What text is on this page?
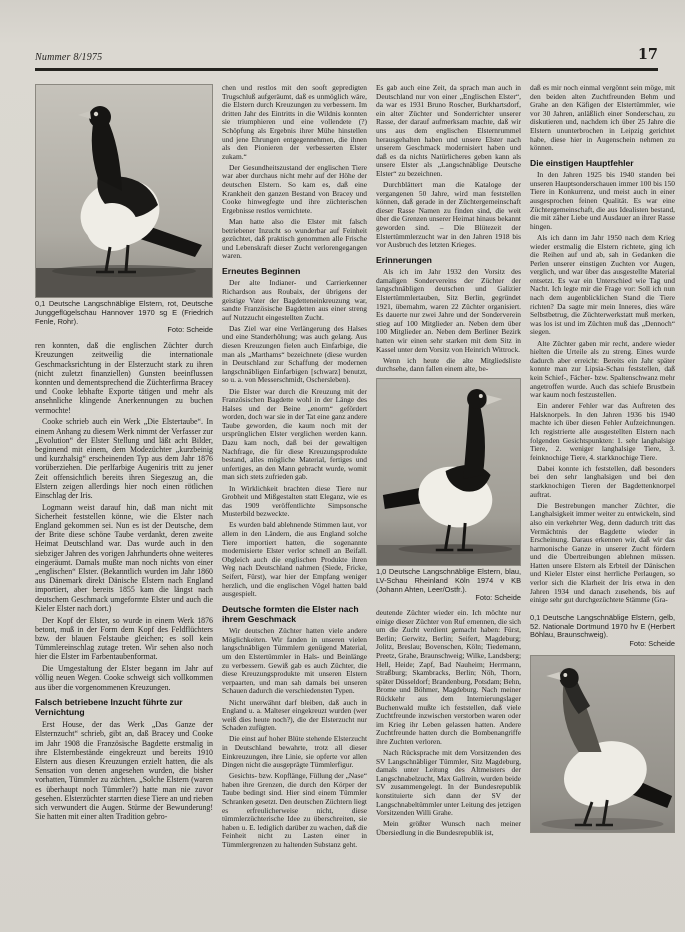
Nummer 8/1975	17
0,1 Deutsche Langschnäblige Elstern, rot, Deutsche Junggeflügelschau Hannover 1970 sg E (Friedrich Fenle, Rohr).
Foto: Scheide

ren konnten, daß die englischen Züchter durch Kreuzungen zeitweilig die internationale Geschmacksrichtung in der Elsterzucht stark zu ihren (nicht zuletzt finanziellen) Gunsten beeinflussen konnten und dementsprechend die Züchterfirma Bracey und Cooke lebhafte Exporte tätigen und mehr als ansehnliche klingende Anerkennungen zu buchen vermochte!

Cooke schrieb auch ein Werk „Die Elstertaube“. In einem Anhang zu diesem Werk nimmt der Verfasser zur „Evolution“ der Elster Stellung und läßt acht Bilder, beginnend mit einem, dem Modezüchter „kurzbeinig und kurzhalsig“ erscheinenden Typ aus dem Jahr 1876 vorüberziehen. Die perlfarbige Augeniris tritt zu jener Zeit offensichtlich bereits ihren Siegeszug an, die Elstern zeigen allerdings hier noch einen rötlichen Einschlag der Iris.

Logmann weist darauf hin, daß man nicht mit Sicherheit feststellen könne, wie die Elster nach England gekommen sei. Nun es ist der Deutsche, dem der Brite diese schöne Taube verdankt, deren zweite Heimat Deutschland war. Das wurde auch in den siebziger Jahren des vorigen Jahrhunderts ohne weiteres eingeräumt. Damals mußte man noch nichts von einer „englischen“ Elster. (Bekanntlich wurden im Jahr 1860 aus Dänemark direkt Dänische Elstern nach England importiert, aber bereits 1855 kam die längst nach deutschem Geschmack umgeformte Elster und auch die Kieler Elster nach dort.)

Der Kopf der Elster, so wurde in einem Werk 1876 betont, muß in der Form dem Kopf des Feldflüchters bzw. der blauen Felstaube gleichen; es soll kein Tümmlereinschlag zutage treten. Wir sehen also noch hier die Elster im Farbentaubenformat.

Die Umgestaltung der Elster begann im Jahr auf völlig neuen Wegen. Cooke schweigt sich vollkommen aus über die vorgenommenen Kreuzungen.

Falsch betriebene Inzucht führte zur Vernichtung

Erst House, der das Werk „Das Ganze der Elsternzucht“ schrieb, gibt an, daß Bracey und Cooke im Jahr 1908 die Französische Bagdette erstmalig in ihre Elsternbestände eingekreuzt und bereits 1910 Elstern aus diesen Kreuzungen erzielt hatten, die als Sensation von denen angesehen wurden, die bisher vorhatten, Tümmler zu züchten. „Solche Elstern (waren es überhaupt noch Tümmler?) hatte man nie zuvor gesehen. Elsterzüchter starrten diese Tiere an und rieben sich verwundert die Augen. Stürme der Bewunderung! Sie hatten mit einer alten Tradition gebro-

chen und restlos mit den sooft gepredigten Trugschluß aufgeräumt, daß es unmöglich wäre, die Elstern durch Kreuzungen zu verbessern. Im dritten Jahr des Eintritts in die Wildnis konnten sie triumphieren und eine vollendete (?) Schöpfung als Ergebnis ihrer Mühe hinstellen und jene Ehrungen entgegennehmen, die ihnen als den Pionieren der verbesserten Elster zukam.“

Der Gesundheitszustand der englischen Tiere war aber durchaus nicht mehr auf der Höhe der deutschen Elstern. So kam es, daß eine Krankheit den ganzen Bestand von Bracey und Cooke hinwegfegte und ihre züchterischen Ergebnisse restlos vernichtete.

Man hatte also die Elster mit falsch betriebener Inzucht so wunderbar auf Feinheit gezüchtet, daß praktisch genommen alle Frische und Lebenskraft dieser Zucht verlorengegangen waren.

Erneutes Beginnen

Der alte Indianer- und Carrierkenner Richardson aus Roubaix, der übrigens der geistige Vater der Bagdetteneinkreuzung war, sandte Französische Bagdetten aus einer streng auf Nutzzucht eingestellten Zucht.

Das Ziel war eine Verlängerung des Halses und eine Standerhöhung; was auch gelang. Aus diesen Kreuzungen fielen auch Einfarbige, die man als „Marthams“ bezeichnete (diese wurden in Deutschland zur Schaffung der modernen langschnäbligen Einfarbigen [schwarz] benutzt, so u. a. von Messerschmidt, Oschersleben).

Die Elster war durch die Kreuzung mit der Französischen Bagdette wohl in der Länge des Halses und der Beine „enorm“ gefördert worden, doch war sie in der Tat eine ganz andere Taube geworden, die kaum noch mit der ursprünglichen Elster verglichen werden kann. Dazu kam noch, daß bei der gewaltigen Nachfrage, die für diese Kreuzungsprodukte bestand, alles mögliche Material, fertiges und unfertiges, an den Mann gebracht wurde, womit man sich stets zufrieden gab.

In Wirklichkeit brachten diese Tiere nur Grobheit und Mißgestalten statt Eleganz, wie es das 1909 veröffentlichte Simpsonsche Musterbild bezweckte.

Es wurden bald ablehnende Stimmen laut, vor allem in den Ländern, die aus England solche Tiere importiert hatten, die sogenannte modernisierte Elster verlor schnell an Beifall. Obgleich auch die englischen Produkte ihren Weg nach Deutschland nahmen (Siede, Fricke, Seifert, Fürst), war hier der Empfang weniger herzlich, und die englischen Vögel hatten bald ausgespielt.

Deutsche formten die Elster nach ihrem Geschmack

Wir deutschen Züchter hatten viele andere Möglichkeiten. Wir fanden in unseren vielen langschnäbligen Tümmlern genügend Material, um den Elstertümmler in Hals- und Beinlänge zu verbessern. Gewiß gab es auch Züchter, die diese Kreuzungsprodukte mit unseren Elstern verpaarten, und man sah damals bei unseren Schauen dadurch die verschiedensten Typen.

Nicht unerwähnt darf bleiben, daß auch in England u. a. Malteser eingekreuzt wurden (wer weiß dies heute noch?), die der Elsterzucht nur Schaden zufügten.

Die einst auf hoher Blüte stehende Elsterzucht in Deutschland bewahrte, trotz all dieser Einkreuzungen, ihre Linie, sie opferte vor allen Dingen nicht die ausgeprägte Tümmlerfigur.

Gesichts- bzw. Kopflänge, Füllung der „Nase“ haben ihre Grenzen, die durch den Körper der Taube bedingt sind. Hier sind einem Tümmler Schranken gesetzt. Den deutschen Züchtern liegt es erfreulicherweise nicht, diese tümmlerzüchterische Idee zu überschreiten, sie haben u. E. lediglich darüber zu wachen, daß die Feinheit nicht zu Lasten einer in Tümmlergrenzen zu haltenden Substanz geht.

Es gab auch eine Zeit, da sprach man auch in Deutschland nur von einer „Englischen Elster“, da war es 1931 Bruno Roscher, Burkhartsdorf, ein alter Züchter und Sonderrichter unserer Rasse, der darauf aufmerksam machte, daß wir uns aus dem englischen Elsternrummel herausgehalten haben und unsere Elster nach unserem Geschmack modernisiert haben und daß es da nichts Natürlicheres geben kann als unsere Elster als „Langschnäblige Deutsche Elster“ zu bezeichnen.

Durchblättert man die Kataloge der vergangenen 50 Jahre, wird man feststellen können, daß gerade in der Züchtergemeinschaft dieser Rasse Namen zu finden sind, die weit über die Grenzen unserer Heimat hinaus bekannt geworden sind. – Die Blütezeit der Elstertümmlerzucht war in den Jahren 1918 bis vor Ausbruch des letzten Krieges.

Erinnerungen

Als ich im Jahr 1932 den Vorsitz des damaligen Sondervereins der Züchter der langschnäbligen deutschen und Galizier Elstertümmlertauben, Sitz Berlin, gegründet 1921, übernahm, waren 22 Züchter organisiert. Es dauerte nur zwei Jahre und der Sonderverein stieg auf 100 Mitglieder an. Neben dem über 100 Mitglieder an. Neben dem Berliner Bezirk hatten wir einen sehr starken mit dem Sitz in Kassel unter dem Vorsitz von Heinrich Wittrock.

Wenn ich heute die alte Mitgliedsliste durchsehe, dann fallen einem alte, be-

1,0 Deutsche Langschnäblige Elstern, blau, LV-Schau Rheinland Köln 1974 v KB (Johann Ahten, Leer/Ostfr.).
Foto: Scheide

deutende Züchter wieder ein. Ich möchte nur einige dieser Züchter von Ruf ernennen, die sich um die Zucht verdient gemacht haben: Fürst, Berlin; Gerwitz, Berlin; Seifert, Magdeburg; Jolitz, Breslau; Bovenschen, Köln; Tiedemann, Preetz, Grahe, Braunschweig; Wilke, Landsberg; Hell, Heide; Zapf, Bad Nauheim; Herrmann, Straßburg; Skambracks, Berlin; Nöh, Thorn, später Düsseldorf; Brandenburg, Potsdam; Behn, Brome und Böhmer, Magdeburg. Nach meiner Rückkehr aus dem Internierungslager Buchenwald mußte ich feststellen, daß viele Zuchtfreunde inzwischen verstorben waren oder im Krieg ihr Leben gelassen hatten. Andere Zuchtfreunde hatten durch die Bombenangriffe ihre Zuchten verloren.

Nach Rücksprache mit dem Vorsitzenden des SV Langschnäbliger Tümmler, Sitz Magdeburg, damals unter Leitung des Altmeisters der Langschnabelzucht, Max Gallrein, wurden beide SV zusammengelegt. In der Bundesrepublik konstituierte sich dann der SV der Langschnabeltümmler unter Leitung des jetzigen Vorsitzenden Willi Grahe.

Mein größter Wunsch nach meiner Übersiedlung in die Bundesrepublik ist,

daß es mir noch einmal vergönnt sein möge, mit den beiden alten Zuchtfreunden Behm und Grahe an den Käfigen der Elstertümmler, wie vor 30 Jahren, anläßlich einer Sonderschau, zu diskutieren und, nachdem ich über 25 Jahre die Elstern ununterbrochen in Leipzig gerichtet habe, diese hier in Augenschein nehmen zu können.

Die einstigen Hauptfehler

In den Jahren 1925 bis 1940 standen bei unseren Hauptsonderschauen immer 100 bis 150 Tiere in Konkurrenz, und meist auch in einer ausgesprochen feinen Qualität. Es war eine Züchtergemeinschaft, die aus Idealisten bestand, die mit zäher Liebe und Ausdauer an ihrer Rasse hingen.

Als ich dann im Jahr 1950 nach dem Krieg wieder erstmalig die Elstern richtete, ging ich die Reihen auf und ab, sah in Gedanken die Perlen unserer einstigen Zuchten vor Augen, verglich, und war über das ausgestellte Material entsetzt. Es war ein Unterschied wie Tag und Nacht. Ich legte mir die Frage vor: Soll ich nun nach dem augenblicklichen Stand die Tiere richten? Da sagte mir mein Inneres, dies wäre Selbstbetrug, die Züchterwerkstatt muß merken, was los ist und im Züchten muß das „Dennoch“ siegen.

Alte Züchter gaben mir recht, andere wieder hielten die Urteile als zu streng. Eines wurde dadurch aber erreicht: Bereits ein Jahr später konnte man zur Lipsia-Schau feststellen, daß kein Schief-, Fächer- bzw. Spaltenschwanz mehr angetroffen wurde. Auch das schiefe Brustbein war kaum noch festzustellen.

Ein anderer Fehler war das Auftreten des Halsknorpels. In den Jahren 1936 bis 1940 machte ich über diesen Fehler Aufzeichnungen. Ich registrierte alle ausgestellten Elstern nach folgenden Gesichtspunkten: 1. sehr langhalsige Tiere, 2. weniger langhalsige Tiere, 3. feinknochige Tiere, 4. starkknochige Tiere.

Dabei konnte ich feststellen, daß besonders bei den sehr langhalsigen und bei den starkknochigen Tieren der Bagdettenknorpel auftrat.

Die Bestrebungen mancher Züchter, die Langhalsigkeit immer weiter zu entwickeln, sind also ein verkehrter Weg, denn dadurch tritt das Vermächtnis der Bagdette wieder in Erscheinung. Daraus erkennen wir, daß wir das harmonische Ganze in unserer Zucht fördern und die Übertreibungen ablehnen müssen. Hatten unsere Elstern als Erbteil der Dänischen und Kieler Elster einst herrliche Perlaugen, so verlor sich die Klarheit der Iris etwa in den Jahren 1934 und danach zusehends, bis auf einige sehr gut durchgezüchtete Stämme (Gra-

0,1 Deutsche Langschnäblige Elstern, gelb, 52. Nationale Dortmund 1970 hv E (Herbert Böhlau, Braunschweig).
Foto: Scheide
